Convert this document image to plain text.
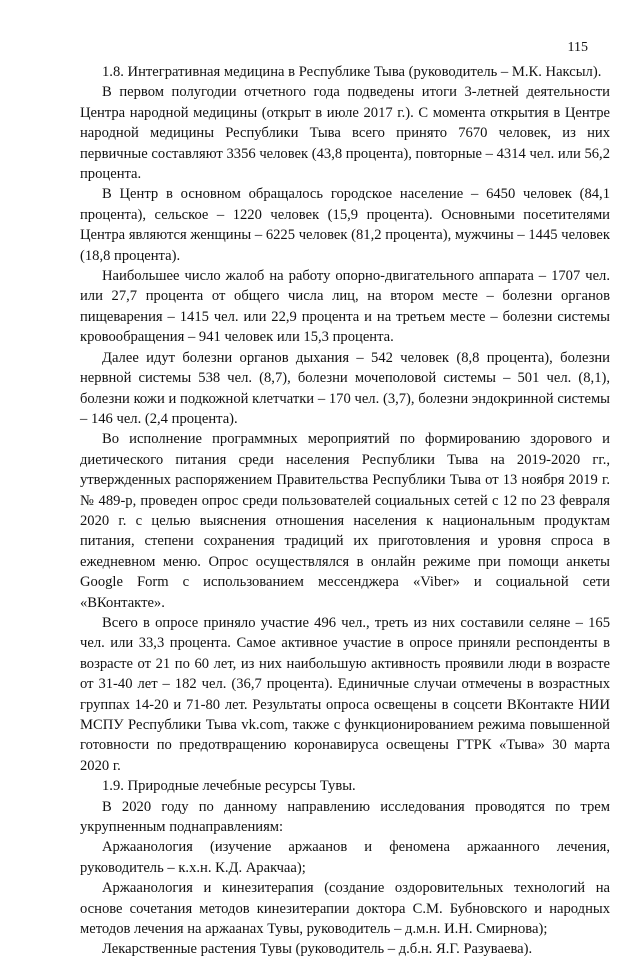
115

1.8. Интегративная медицина в Республике Тыва (руководитель – М.К. Наксыл).

В первом полугодии отчетного года подведены итоги 3-летней деятельности Центра народной медицины (открыт в июле 2017 г.). С момента открытия в Центре народной медицины Республики Тыва всего принято 7670 человек, из них первичные составляют 3356 человек (43,8 процента), повторные – 4314 чел. или 56,2 процента.

В Центр в основном обращалось городское население – 6450 человек (84,1 процента), сельское – 1220 человек (15,9 процента). Основными посетителями Центра являются женщины – 6225 человек (81,2 процента), мужчины – 1445 человек (18,8 процента).

Наибольшее число жалоб на работу опорно-двигательного аппарата – 1707 чел. или 27,7 процента от общего числа лиц, на втором месте – болезни органов пищеварения – 1415 чел. или 22,9 процента и на третьем месте – болезни системы кровообращения – 941 человек или 15,3 процента.

Далее идут болезни органов дыхания – 542 человек (8,8 процента), болезни нервной системы 538 чел. (8,7), болезни мочеполовой системы – 501 чел. (8,1), болезни кожи и подкожной клетчатки – 170 чел. (3,7), болезни эндокринной системы – 146 чел. (2,4 процента).

Во исполнение программных мероприятий по формированию здорового и диетического питания среди населения Республики Тыва на 2019-2020 гг., утвержденных распоряжением Правительства Республики Тыва от 13 ноября 2019 г. № 489-р, проведен опрос среди пользователей социальных сетей с 12 по 23 февраля 2020 г. с целью выяснения отношения населения к национальным продуктам питания, степени сохранения традиций их приготовления и уровня спроса в ежедневном меню. Опрос осуществлялся в онлайн режиме при помощи анкеты Google Form с использованием мессенджера «Viber» и социальной сети «ВКонтакте».

Всего в опросе приняло участие 496 чел., треть из них составили селяне – 165 чел. или 33,3 процента. Самое активное участие в опросе приняли респонденты в возрасте от 21 по 60 лет, из них наибольшую активность проявили люди в возрасте от 31-40 лет – 182 чел. (36,7 процента). Единичные случаи отмечены в возрастных группах 14-20 и 71-80 лет. Результаты опроса освещены в соцсети ВКонтакте НИИ МСПУ Республики Тыва vk.com, также с функционированием режима повышенной готовности по предотвращению коронавируса освещены ГТРК «Тыва» 30 марта 2020 г.

1.9. Природные лечебные ресурсы Тувы.

В 2020 году по данному направлению исследования проводятся по трем укрупненным поднаправлениям:

Аржаанология (изучение аржаанов и феномена аржаанного лечения, руководитель – к.х.н. К.Д. Аракчаа);

Аржаанология и кинезитерапия (создание оздоровительных технологий на основе сочетания методов кинезитерапии доктора С.М. Бубновского и народных методов лечения на аржаанах Тувы, руководитель – д.м.н. И.Н. Смирнова);

Лекарственные растения Тувы (руководитель – д.б.н. Я.Г. Разуваева).
